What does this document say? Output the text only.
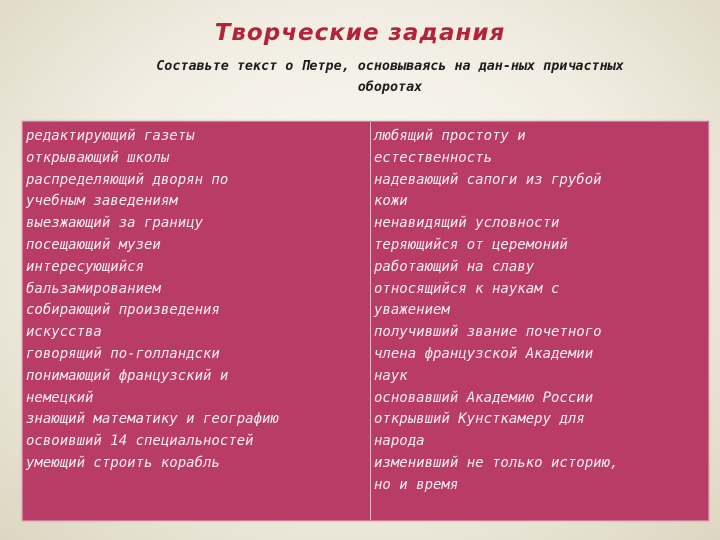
Творческие задания
Составьте текст о Петре, основываясь на дан-ных причастных
оборотах
редактирующий газеты
открывающий школы
распределяющий дворян по
учебным заведениям
выезжающий за границу
посещающий музеи
интересующийся
бальзамированием
собирающий произведения
искусства
говорящий по-голландски
понимающий французский и
немецкий
знающий математику и географию
освоивший 14 специальностей
умеющий строить корабль
любящий простоту и
естественность
надевающий сапоги из грубой
кожи
ненавидящий условности
теряющийся от церемоний
работающий на славу
относящийся к наукам с
уважением
получивший звание почетного
члена французской Академии
наук
основавший Академию России
открывший Кунсткамеру для
народа
изменивший не только историю,
но и время
